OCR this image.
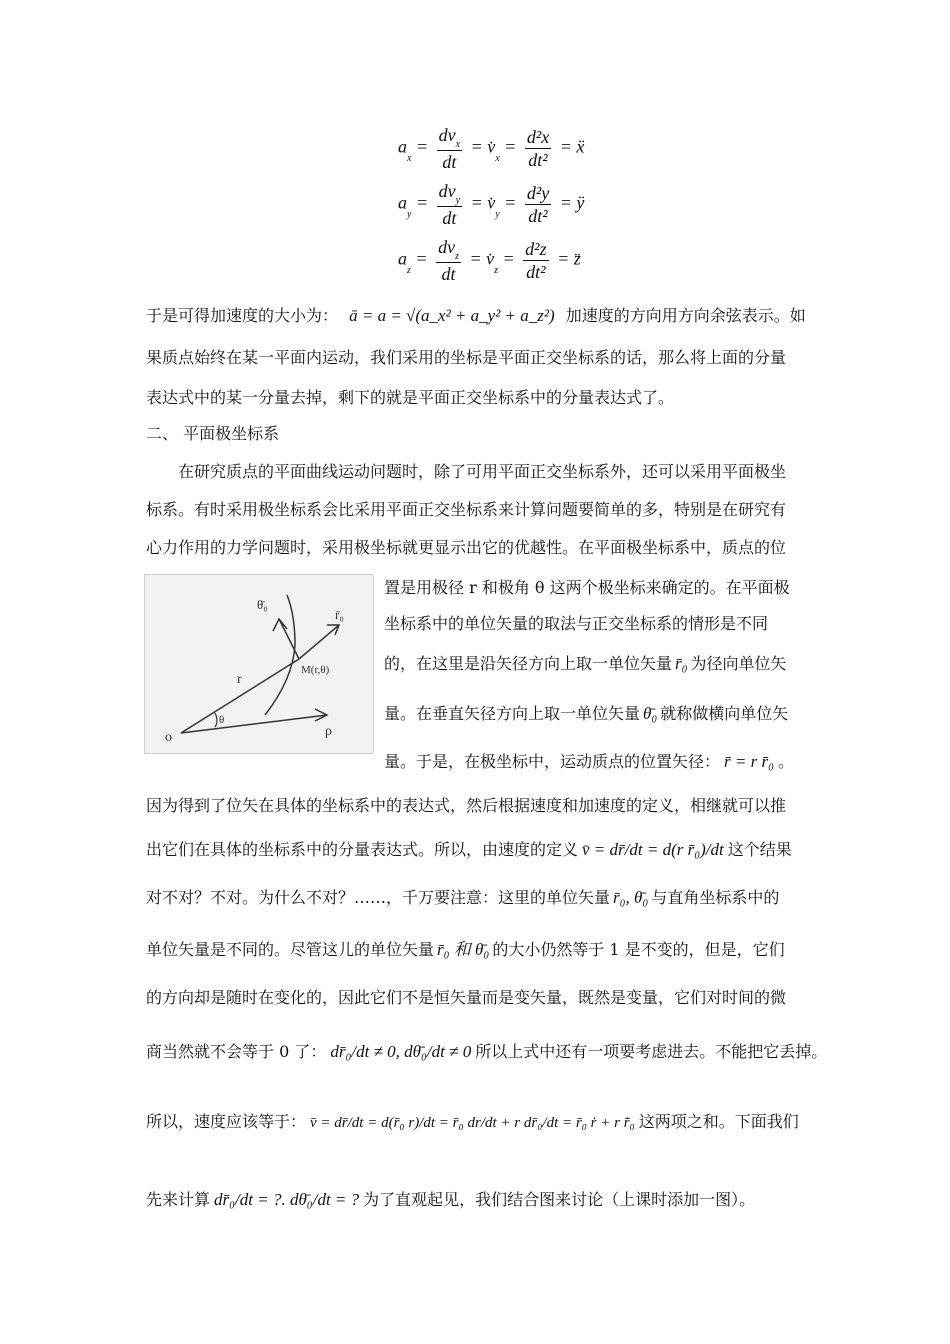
$a_x = \frac{dv_x}{dt}$ = $v̇_x = \frac{\text{d²x}}{\text{dt²}}$ = ẍ
$a_y = \frac{dv_y}{dt}$ = $v̇_y = \frac{\text{d²y}}{\text{dt²}}$ = ÿ
$a_z = \frac{dv_z}{dt}$ = $v̇_z = \frac{\text{d²z}}{\text{dt²}}$ = z̈
于是可得加速度的大小为： ā = a = √(a_x² + a_y² + a_z²) 加速度的方向用方向余弦表示。如
果质点始终在某一平面内运动，我们采用的坐标是平面正交坐标系的话，那么将上面的分量
表达式中的某一分量去掉，剩下的就是平面正交坐标系中的分量表达式了。
二、 平面极坐标系
在研究质点的平面曲线运动问题时，除了可用平面正交坐标系外，还可以采用平面极坐
标系。有时采用极坐标系会比采用平面正交坐标系来计算问题要简单的多，特别是在研究有
心力作用的力学问题时，采用极坐标就更显示出它的优越性。在平面极坐标系中，质点的位
θ̄₀
r̄₀
M(r,θ)
r
θ
o	ρ
置是用极径 r 和极角 θ 这两个极坐标来确定的。在平面极
坐标系中的单位矢量的取法与正交坐标系的情形是不同
的，在这里是沿矢径方向上取一单位矢量 r̄₀ 为径向单位矢
量。在垂直矢径方向上取一单位矢量 θ̄₀ 就称做横向单位矢
量。于是，在极坐标中，运动质点的位置矢径： r̄ = r r̄₀ 。
因为得到了位矢在具体的坐标系中的表达式，然后根据速度和加速度的定义，相继就可以推
出它们在具体的坐标系中的分量表达式。所以，由速度的定义 v̄ = dr̄/dt = d(r r̄₀)/dt 这个结果
对不对？不对。为什么不对？……，千万要注意：这里的单位矢量 r̄₀, θ̄₀ 与直角坐标系中的
单位矢量是不同的。尽管这儿的单位矢量 r̄₀ 和 θ̄₀ 的大小仍然等于 1 是不变的，但是，它们
的方向却是随时在变化的，因此它们不是恒矢量而是变矢量，既然是变量，它们对时间的微
商当然就不会等于 0 了： dr̄₀/dt ≠ 0, dθ̄₀/dt ≠ 0 所以上式中还有一项要考虑进去。不能把它丢掉。
所以，速度应该等于： v̄ = dr̄/dt = d(r̄₀ r)/dt = r̄₀ dr/dt + r dr̄₀/dt = r̄₀ ṙ + r r̄̇₀ 这两项之和。下面我们
先来计算 dr̄₀/dt = ?. dθ̄₀/dt = ? 为了直观起见，我们结合图来讨论（上课时添加一图）。
